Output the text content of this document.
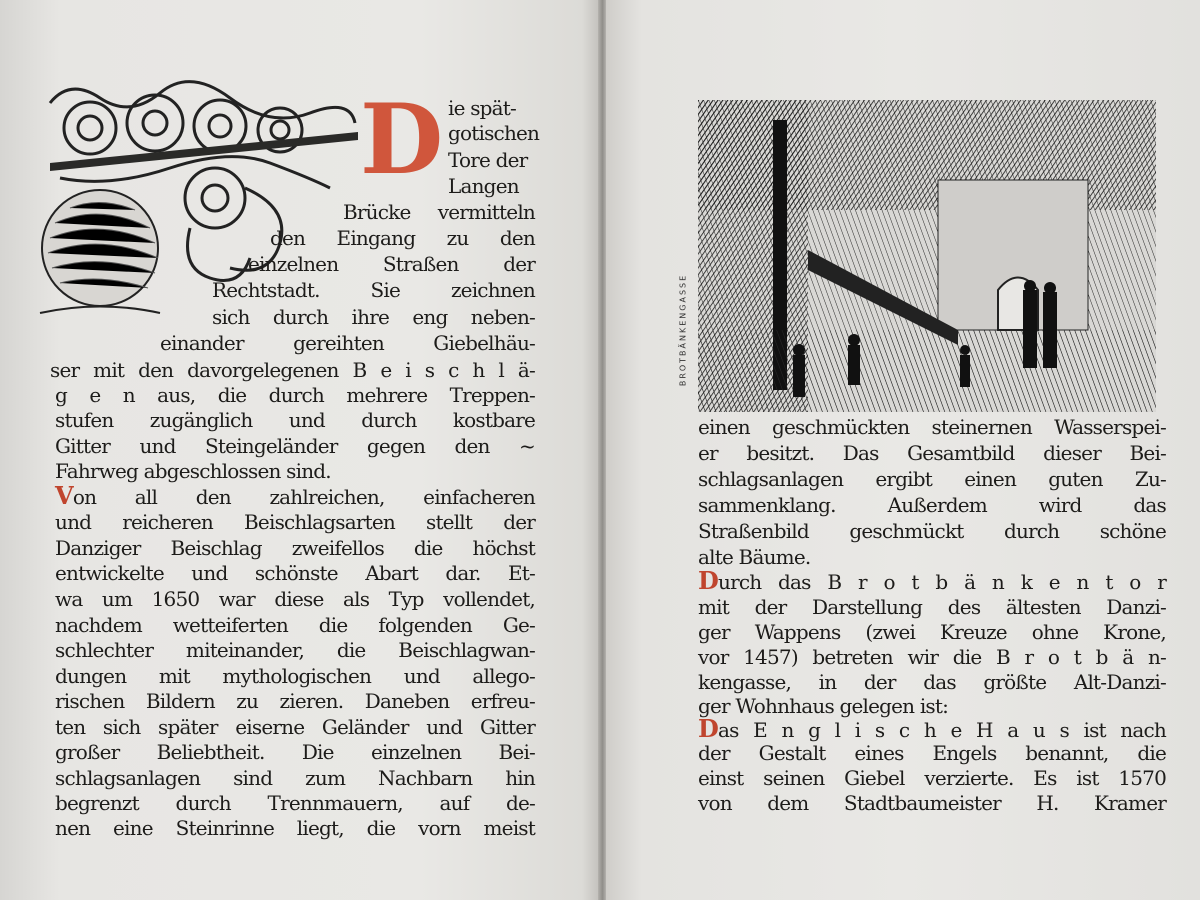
D ie spät-
gotischen
Tore der
Langen
Brücke vermitteln
den Eingang zu den
einzelnen Straßen der
Rechtstadt. Sie zeichnen
sich durch ihre eng neben-
einander gereihten Giebelhäu-
ser mit den davorgelegenen B e i s c h l ä-
g e n aus, die durch mehrere Treppen-
stufen zugänglich und durch kostbare
Gitter und Steingeländer gegen den ~
Fahrweg abgeschlossen sind.
Von all den zahlreichen, einfacheren
und reicheren Beischlagsarten stellt der
Danziger Beischlag zweifellos die höchst
entwickelte und schönste Abart dar. Et-
wa um 1650 war diese als Typ vollendet,
nachdem wetteiferten die folgenden Ge-
schlechter miteinander, die Beischlagwan-
dungen mit mythologischen und allego-
rischen Bildern zu zieren. Daneben erfreu-
ten sich später eiserne Geländer und Gitter
großer Beliebtheit. Die einzelnen Bei-
schlagsanlagen sind zum Nachbarn hin
begrenzt durch Trennmauern, auf de-
nen eine Steinrinne liegt, die vorn meist
einen geschmückten steinernen Wasserspei-
er besitzt. Das Gesamtbild dieser Bei-
schlagsanlagen ergibt einen guten Zu-
sammenklang. Außerdem wird das
Straßenbild geschmückt durch schöne
alte Bäume.
Durch das B r o t b ä n k e n t o r
mit der Darstellung des ältesten Danzi-
ger Wappens (zwei Kreuze ohne Krone,
vor 1457) betreten wir die B r o t b ä n-
kengasse, in der das größte Alt-Danzi-
ger Wohnhaus gelegen ist:
Das E n g l i s c h e H a u s ist nach
der Gestalt eines Engels benannt, die
einst seinen Giebel verzierte. Es ist 1570
von dem Stadtbaumeister H. Kramer
BROTBÄNKENGASSE
